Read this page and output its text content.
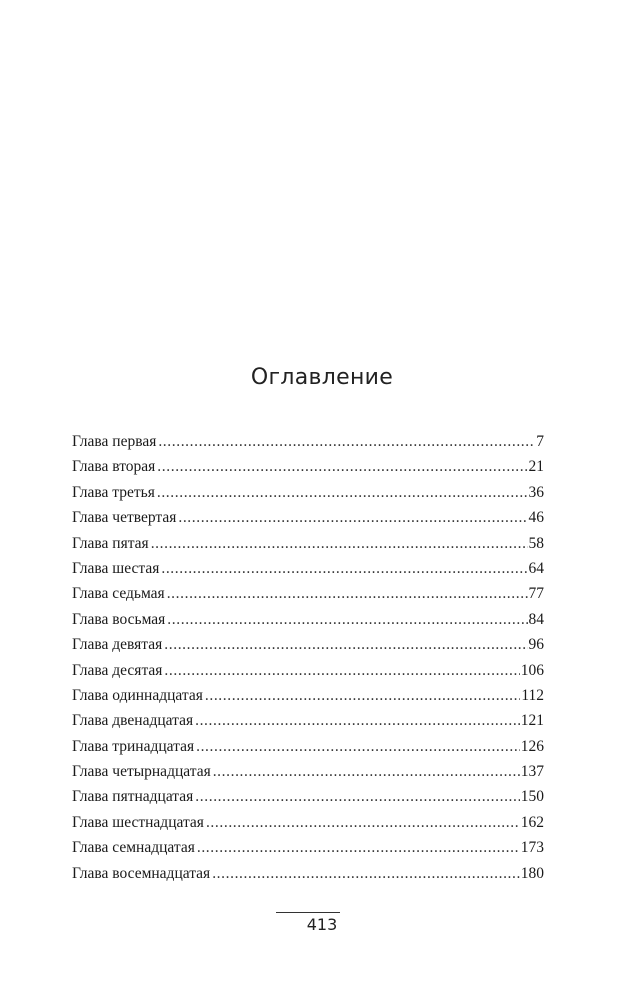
Оглавление
Глава первая .....	7
Глава вторая .....	21
Глава третья .....	36
Глава четвертая .....	46
Глава пятая .....	58
Глава шестая .....	64
Глава седьмая .....	77
Глава восьмая .....	84
Глава девятая .....	96
Глава десятая .....	106
Глава одиннадцатая .....	112
Глава двенадцатая .....	121
Глава тринадцатая .....	126
Глава четырнадцатая .....	137
Глава пятнадцатая .....	150
Глава шестнадцатая .....	162
Глава семнадцатая .....	173
Глава восемнадцатая .....	180
413
